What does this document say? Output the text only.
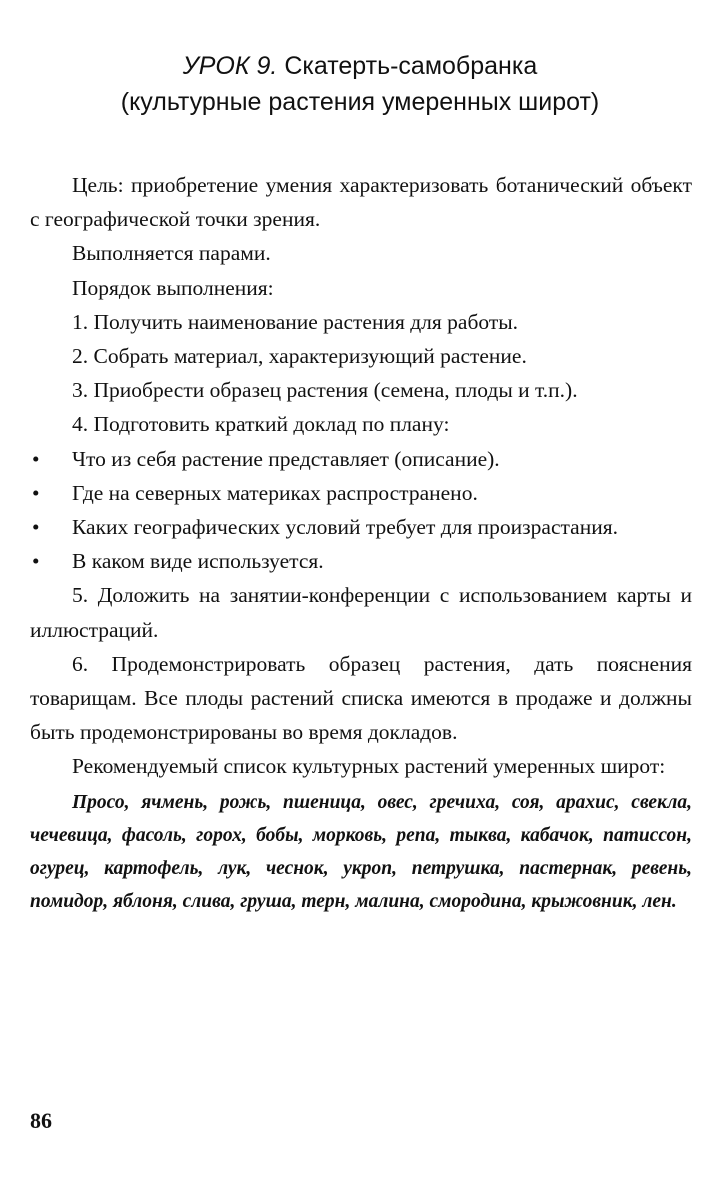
УРОК 9. Скатерть-самобранка
(культурные растения умеренных широт)

Цель: приобретение умения характеризовать ботанический объект с географической точки зрения.

Выполняется парами.

Порядок выполнения:

1. Получить наименование растения для работы.

2. Собрать материал, характеризующий растение.

3. Приобрести образец растения (семена, плоды и т.п.).

4. Подготовить краткий доклад по плану:

• Что из себя растение представляет (описание).
• Где на северных материках распространено.
• Каких географических условий требует для произрастания.
• В каком виде используется.

5. Доложить на занятии-конференции с использованием карты и иллюстраций.

6. Продемонстрировать образец растения, дать пояснения товарищам. Все плоды растений списка имеются в продаже и должны быть продемонстрированы во время докладов.

Рекомендуемый список культурных растений умеренных широт:

Просо, ячмень, рожь, пшеница, овес, гречиха, соя, арахис, свекла, чечевица, фасоль, горох, бобы, морковь, репа, тыква, кабачок, патиссон, огурец, картофель, лук, чеснок, укроп, петрушка, пастернак, ревень, помидор, яблоня, слива, груша, терн, малина, смородина, крыжовник, лен.

86
